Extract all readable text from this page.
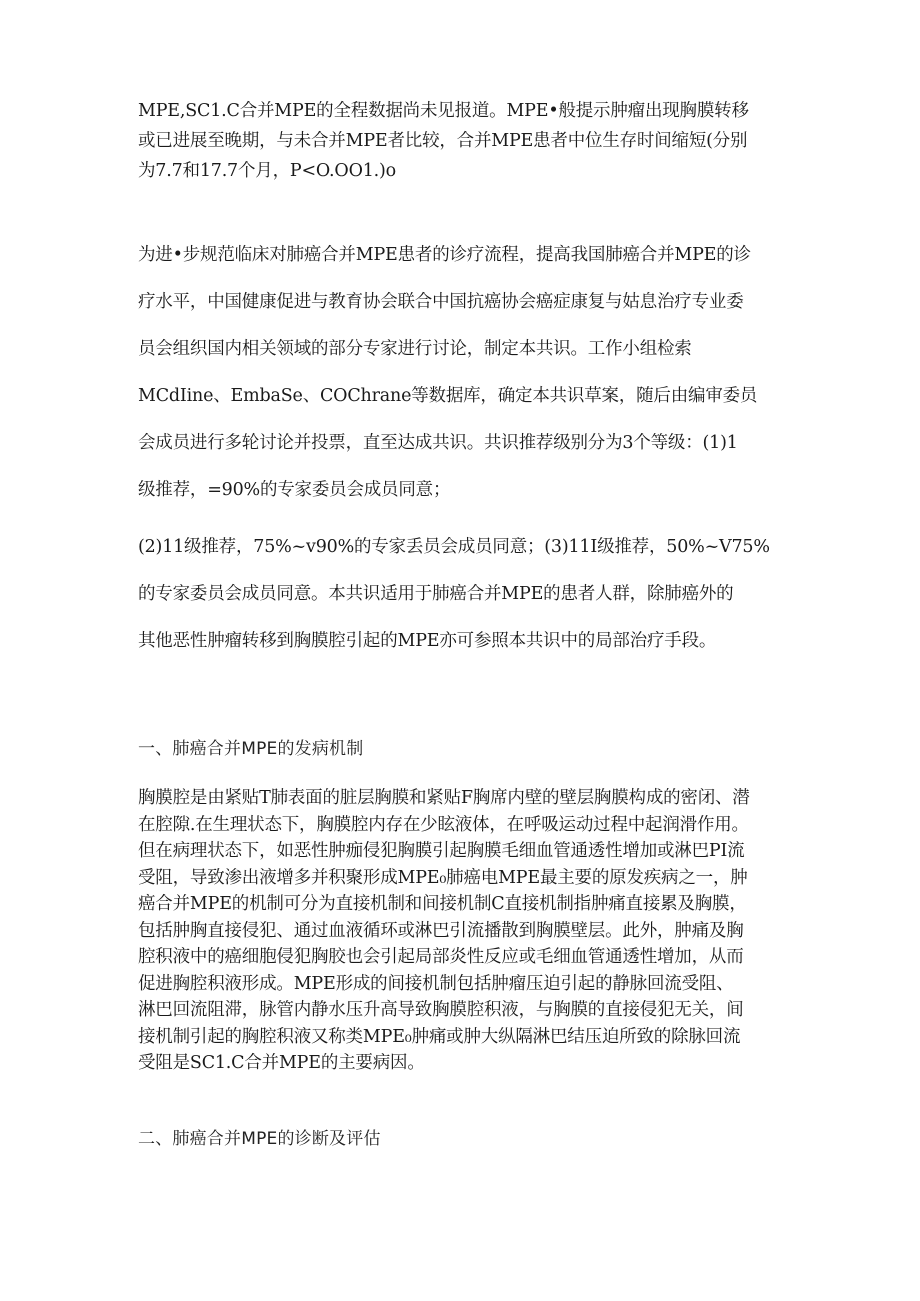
MPE,SC1.C合并MPE的全程数据尚未见报道。MPE•般提示肿瘤出现胸膜转移
或已进展至晚期，与未合并MPE者比较，合并MPE患者中位生存时间缩短(分别
为7.7和17.7个月，P<O.OO1.)o
为进•步规范临床对肺癌合并MPE患者的诊疗流程，提高我国肺癌合并MPE的诊
疗水平，中国健康促进与教育协会联合中国抗癌协会癌症康复与姑息治疗专业委
员会组织国内相关领域的部分专家进行讨论，制定本共识。工作小组检索
MCdIine、EmbaSe、COChrane等数据库，确定本共识草案，随后由编审委员
会成员进行多轮讨论并投票，直至达成共识。共识推荐级别分为3个等级：(1)1
级推荐，=90%的专家委员会成员同意；
(2)11级推荐，75%~v90%的专家丢员会成员同意；(3)11I级推荐，50%~V75%
的专家委员会成员同意。本共识适用于肺癌合并MPE的患者人群，除肺癌外的
其他恶性肿瘤转移到胸膜腔引起的MPE亦可参照本共识中的局部治疗手段。
一、肺癌合并MPE的发病机制
胸膜腔是由紧贴T肺表面的脏层胸膜和紧贴F胸席内壁的壁层胸膜构成的密闭、潜
在腔隙.在生理状态下，胸膜腔内存在少眩液体，在呼吸运动过程中起润滑作用。
但在病理状态下，如恶性肿痂侵犯胸膜引起胸膜毛细血管通透性增加或淋巴PI流
受阻，导致渗出液增多并积聚形成MPE₀肺癌电MPE最主要的原发疾病之一，肿
癌合并MPE的机制可分为直接机制和间接机制C直接机制指肿痛直接累及胸膜，
包括肿胸直接侵犯、通过血液循环或淋巴引流播散到胸膜壁层。此外，肿痛及胸
腔积液中的癌细胞侵犯胸胶也会引起局部炎性反应或毛细血管通透性增加，从而
促进胸腔积液形成。MPE形成的间接机制包括肿瘤压迫引起的静脉回流受阻、
淋巴回流阻滞，脉管内静水压升高导致胸膜腔积液，与胸膜的直接侵犯无关，间
接机制引起的胸腔积液又称类MPE₀肿痛或肿大纵隔淋巴结压迫所致的除脉回流
受阻是SC1.C合并MPE的主要病因。
二、肺癌合并MPE的诊断及评估
